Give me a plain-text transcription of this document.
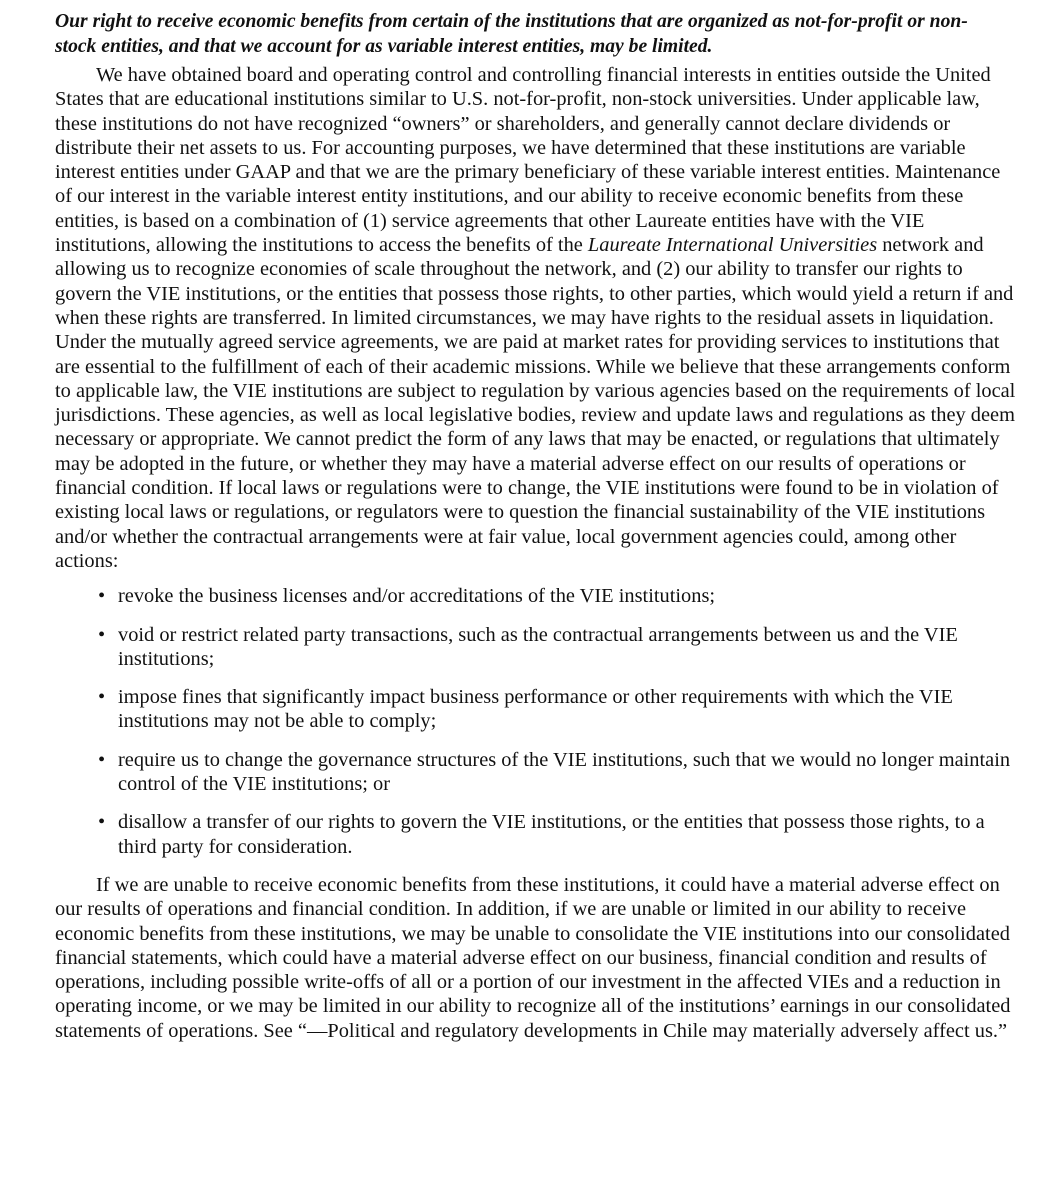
Our right to receive economic benefits from certain of the institutions that are organized as not-for-profit or non-stock entities, and that we account for as variable interest entities, may be limited.

We have obtained board and operating control and controlling financial interests in entities outside the United States that are educational institutions similar to U.S. not-for-profit, non-stock universities. Under applicable law, these institutions do not have recognized “owners” or shareholders, and generally cannot declare dividends or distribute their net assets to us. For accounting purposes, we have determined that these institutions are variable interest entities under GAAP and that we are the primary beneficiary of these variable interest entities. Maintenance of our interest in the variable interest entity institutions, and our ability to receive economic benefits from these entities, is based on a combination of (1) service agreements that other Laureate entities have with the VIE institutions, allowing the institutions to access the benefits of the Laureate International Universities network and allowing us to recognize economies of scale throughout the network, and (2) our ability to transfer our rights to govern the VIE institutions, or the entities that possess those rights, to other parties, which would yield a return if and when these rights are transferred. In limited circumstances, we may have rights to the residual assets in liquidation. Under the mutually agreed service agreements, we are paid at market rates for providing services to institutions that are essential to the fulfillment of each of their academic missions. While we believe that these arrangements conform to applicable law, the VIE institutions are subject to regulation by various agencies based on the requirements of local jurisdictions. These agencies, as well as local legislative bodies, review and update laws and regulations as they deem necessary or appropriate. We cannot predict the form of any laws that may be enacted, or regulations that ultimately may be adopted in the future, or whether they may have a material adverse effect on our results of operations or financial condition. If local laws or regulations were to change, the VIE institutions were found to be in violation of existing local laws or regulations, or regulators were to question the financial sustainability of the VIE institutions and/or whether the contractual arrangements were at fair value, local government agencies could, among other actions:

• revoke the business licenses and/or accreditations of the VIE institutions;
• void or restrict related party transactions, such as the contractual arrangements between us and the VIE institutions;
• impose fines that significantly impact business performance or other requirements with which the VIE institutions may not be able to comply;
• require us to change the governance structures of the VIE institutions, such that we would no longer maintain control of the VIE institutions; or
• disallow a transfer of our rights to govern the VIE institutions, or the entities that possess those rights, to a third party for consideration.

If we are unable to receive economic benefits from these institutions, it could have a material adverse effect on our results of operations and financial condition. In addition, if we are unable or limited in our ability to receive economic benefits from these institutions, we may be unable to consolidate the VIE institutions into our consolidated financial statements, which could have a material adverse effect on our business, financial condition and results of operations, including possible write-offs of all or a portion of our investment in the affected VIEs and a reduction in operating income, or we may be limited in our ability to recognize all of the institutions’ earnings in our consolidated statements of operations. See “—Political and regulatory developments in Chile may materially adversely affect us.”
